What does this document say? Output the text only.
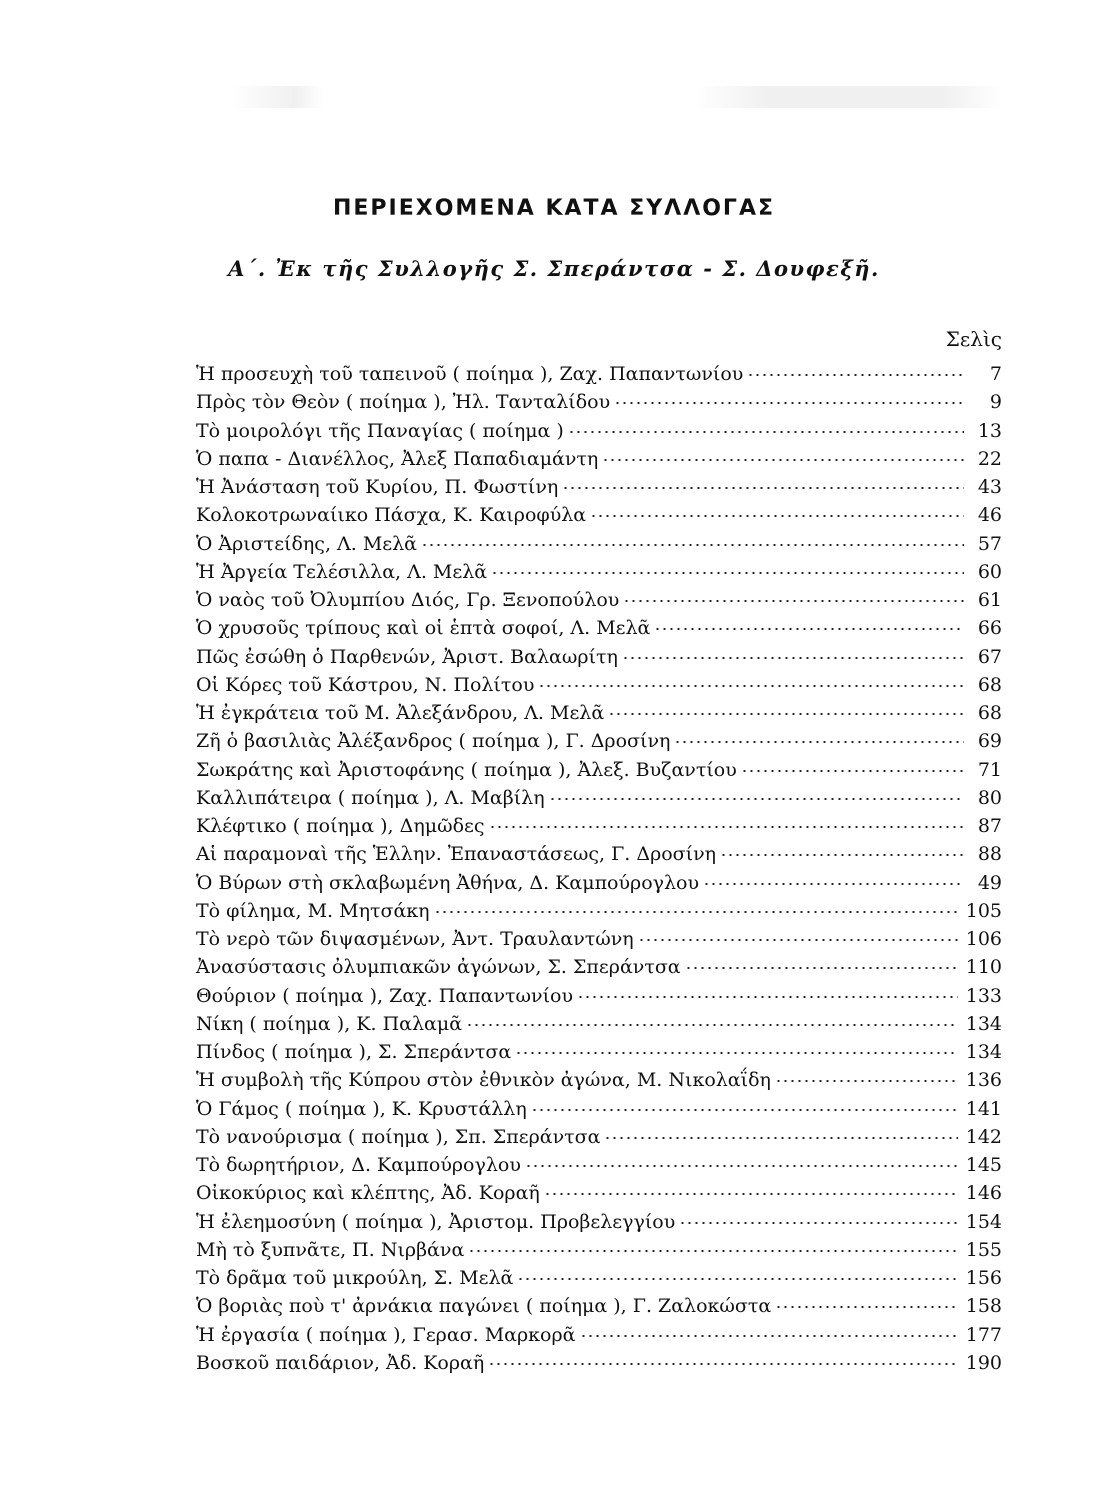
ΠΕΡΙΕΧΟΜΕΝΑ ΚΑΤΑ ΣΥΛΛΟΓΑΣ
Α΄. Ἐκ τῆς Συλλογῆς Σ. Σπεράντσα - Σ. Δουφεξῆ.
Σελὶς
Ἡ προσευχὴ τοῦ ταπεινοῦ ( ποίημα ), Ζαχ. Παπαντωνίου	7
Πρὸς τὸν Θεὸν ( ποίημα ), Ἠλ. Τανταλίδου	9
Τὸ μοιρολόγι τῆς Παναγίας ( ποίημα )	13
Ὁ παπα - Διανέλλος, Ἀλεξ Παπαδιαμάντη	22
Ἡ Ἀνάσταση τοῦ Κυρίου, Π. Φωστίνη	43
Κολοκοτρωναίικο Πάσχα, Κ. Καιροφύλα	46
Ὁ Ἀριστείδης, Λ. Μελᾶ	57
Ἡ Ἀργεία Τελέσιλλα, Λ. Μελᾶ	60
Ὁ ναὸς τοῦ Ὀλυμπίου Διός, Γρ. Ξενοπούλου	61
Ὁ χρυσοῦς τρίπους καὶ οἱ ἑπτὰ σοφοί, Λ. Μελᾶ	66
Πῶς ἐσώθη ὁ Παρθενών, Ἀριστ. Βαλαωρίτη	67
Οἱ Κόρες τοῦ Κάστρου, Ν. Πολίτου	68
Ἡ ἐγκράτεια τοῦ Μ. Ἀλεξάνδρου, Λ. Μελᾶ	68
Ζῆ ὁ βασιλιὰς Ἀλέξανδρος ( ποίημα ), Γ. Δροσίνη	69
Σωκράτης καὶ Ἀριστοφάνης ( ποίημα ), Ἀλεξ. Βυζαντίου	71
Καλλιπάτειρα ( ποίημα ), Λ. Μαβίλη	80
Κλέφτικο ( ποίημα ), Δημῶδες	87
Αἱ παραμοναὶ τῆς Ἑλλην. Ἐπαναστάσεως, Γ. Δροσίνη	88
Ὁ Βύρων στὴ σκλαβωμένη Ἀθήνα, Δ. Καμπούρογλου	49
Τὸ φίλημα, Μ. Μητσάκη	105
Τὸ νερὸ τῶν διψασμένων, Ἀντ. Τραυλαντώνη	106
Ἀνασύστασις ὀλυμπιακῶν ἀγώνων, Σ. Σπεράντσα	110
Θούριον ( ποίημα ), Ζαχ. Παπαντωνίου	133
Νίκη ( ποίημα ), Κ. Παλαμᾶ	134
Πίνδος ( ποίημα ), Σ. Σπεράντσα	134
Ἡ συμβολὴ τῆς Κύπρου στὸν ἐθνικὸν ἀγώνα, Μ. Νικολαΐδη	136
Ὁ Γάμος ( ποίημα ), Κ. Κρυστάλλη	141
Τὸ νανούρισμα ( ποίημα ), Σπ. Σπεράντσα	142
Τὸ δωρητήριον, Δ. Καμπούρογλου	145
Οἰκοκύριος καὶ κλέπτης, Ἀδ. Κοραῆ	146
Ἡ ἐλεημοσύνη ( ποίημα ), Ἀριστομ. Προβελεγγίου	154
Μὴ τὸ ξυπνᾶτε, Π. Νιρβάνα	155
Τὸ δρᾶμα τοῦ μικρούλη, Σ. Μελᾶ	156
Ὁ βοριὰς ποὺ τ' ἀρνάκια παγώνει ( ποίημα ), Γ. Ζαλοκώστα	158
Ἡ ἐργασία ( ποίημα ), Γερασ. Μαρκορᾶ	177
Βοσκοῦ παιδάριον, Ἀδ. Κοραῆ	190
